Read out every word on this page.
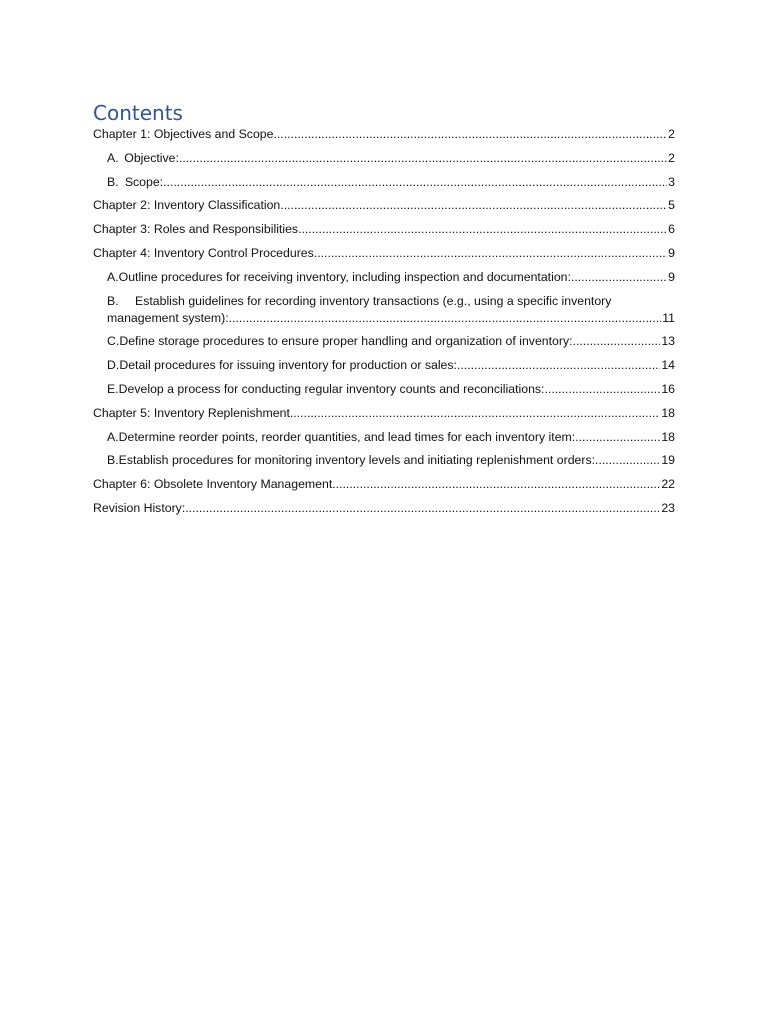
Contents
Chapter 1: Objectives and Scope .....	2
A. Objective: .....	2
B. Scope: .....	3
Chapter 2: Inventory Classification .....	5
Chapter 3: Roles and Responsibilities .....	6
Chapter 4: Inventory Control Procedures .....	9
A. Outline procedures for receiving inventory, including inspection and documentation: .....	9
B. Establish guidelines for recording inventory transactions (e.g., using a specific inventory
management system): .....	11
C. Define storage procedures to ensure proper handling and organization of inventory: .....	13
D. Detail procedures for issuing inventory for production or sales: .....	14
E. Develop a process for conducting regular inventory counts and reconciliations: .....	16
Chapter 5: Inventory Replenishment .....	18
A. Determine reorder points, reorder quantities, and lead times for each inventory item: .....	18
B. Establish procedures for monitoring inventory levels and initiating replenishment orders: .....	19
Chapter 6: Obsolete Inventory Management .....	22
Revision History: .....	23
